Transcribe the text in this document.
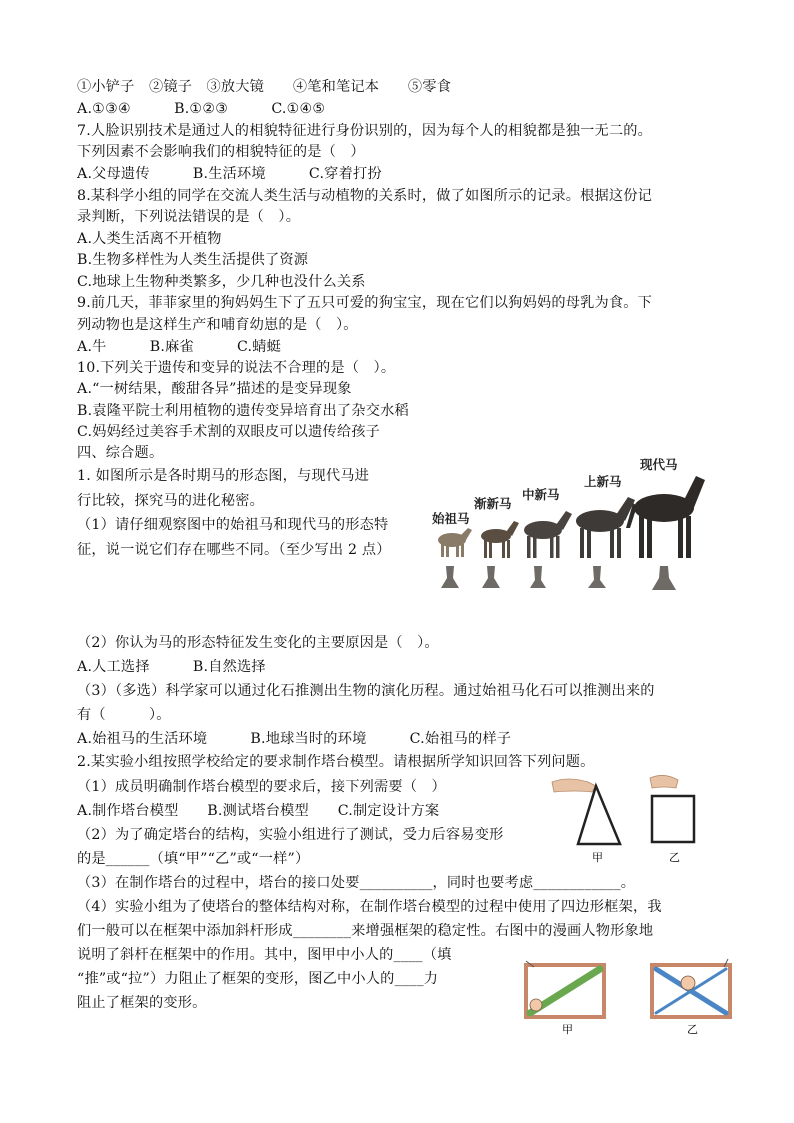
①小铲子　②镜子　③放大镜　　④笔和笔记本　　⑤零食
A.①③④　　　B.①②③　　　C.①④⑤
7.人脸识别技术是通过人的相貌特征进行身份识别的，因为每个人的相貌都是独一无二的。
下列因素不会影响我们的相貌特征的是（　）
A.父母遗传　　　B.生活环境　　　C.穿着打扮
8.某科学小组的同学在交流人类生活与动植物的关系时，做了如图所示的记录。根据这份记
录判断，下列说法错误的是（　）。
A.人类生活离不开植物
B.生物多样性为人类生活提供了资源
C.地球上生物种类繁多，少几种也没什么关系
9.前几天，菲菲家里的狗妈妈生下了五只可爱的狗宝宝，现在它们以狗妈妈的母乳为食。下
列动物也是这样生产和哺育幼崽的是（　）。
A.牛　　　B.麻雀　　　C.蜻蜓
10.下列关于遗传和变异的说法不合理的是（　）。
A.“一树结果，酸甜各异”描述的是变异现象
B.袁隆平院士利用植物的遗传变异培育出了杂交水稻
C.妈妈经过美容手术割的双眼皮可以遗传给孩子
四、综合题。
1. 如图所示是各时期马的形态图，与现代马进
行比较，探究马的进化秘密。
（1）请仔细观察图中的始祖马和现代马的形态特
征，说一说它们存在哪些不同。（至少写出 2 点）
（2）你认为马的形态特征发生变化的主要原因是（　）。
A.人工选择　　　B.自然选择
（3）（多选）科学家可以通过化石推测出生物的演化历程。通过始祖马化石可以推测出来的
有（　　　）。
A.始祖马的生活环境　　　B.地球当时的环境　　　C.始祖马的样子
2.某实验小组按照学校给定的要求制作塔台模型。请根据所学知识回答下列问题。
（1）成员明确制作塔台模型的要求后，接下列需要（　）
A.制作塔台模型　　B.测试塔台模型　　C.制定设计方案
（2）为了确定塔台的结构，实验小组进行了测试，受力后容易变形
的是______（填“甲”“乙”或“一样”）
（3）在制作塔台的过程中，塔台的接口处要__________，同时也要考虑____________。
（4）实验小组为了使塔台的整体结构对称，在制作塔台模型的过程中使用了四边形框架，我
们一般可以在框架中添加斜杆形成________来增强框架的稳定性。右图中的漫画人物形象地
说明了斜杆在框架中的作用。其中，图甲中小人的____（填
“推”或“拉”）力阻止了框架的变形，图乙中小人的____力
阻止了框架的变形。
始祖马
渐新马
中新马
上新马
现代马
甲	乙
甲	乙
